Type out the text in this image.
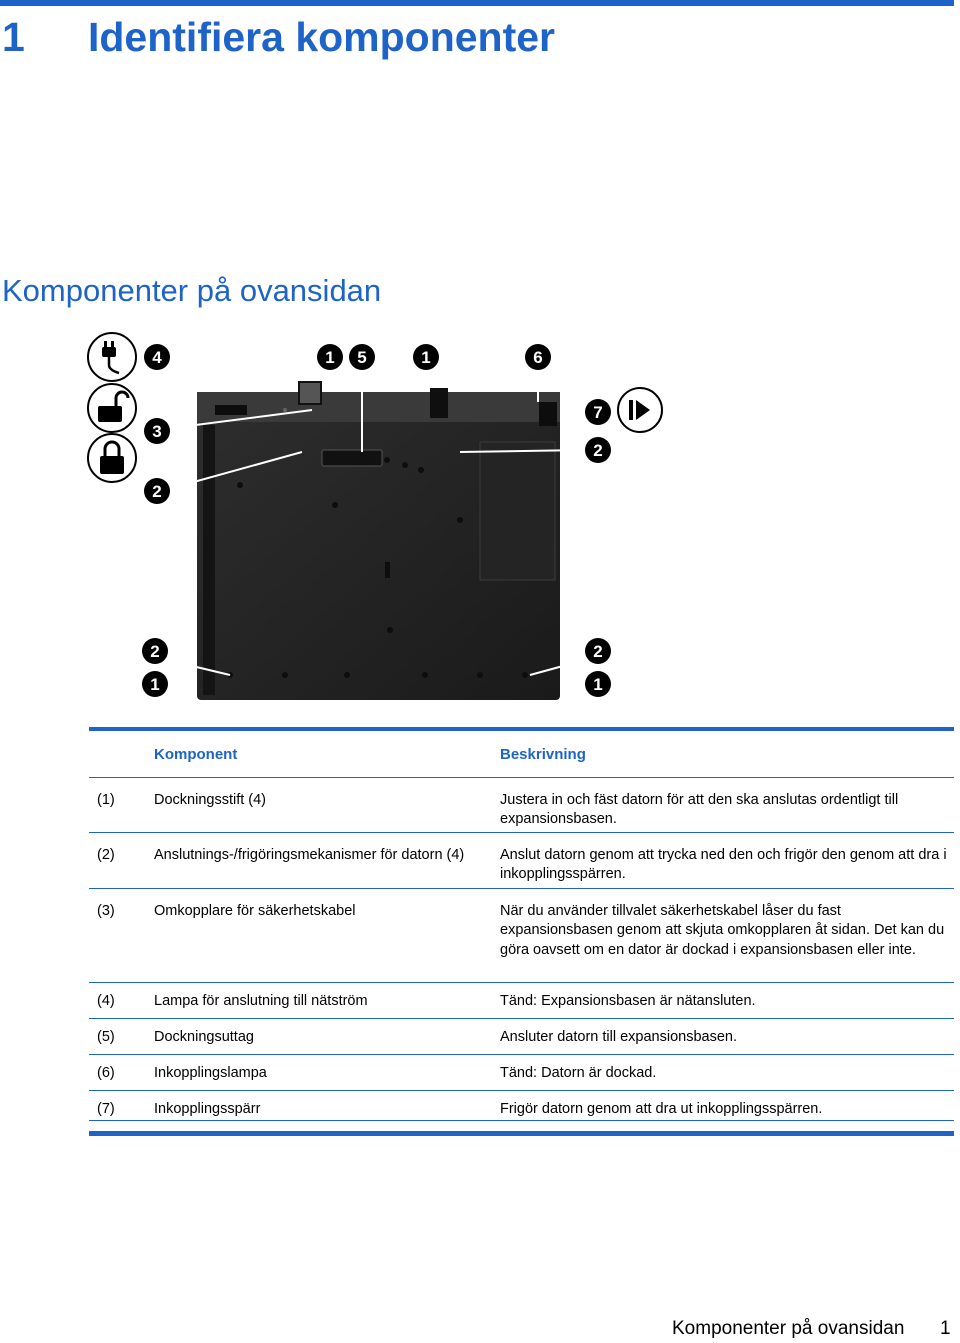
1 Identifiera komponenter
Komponenter på ovansidan
4
3
2
1 5	1	6
7
2
2
1
2
1
Komponent	Beskrivning
(1)	Dockningsstift (4)	Justera in och fäst datorn för att den ska anslutas ordentligt till expansionsbasen.
(2)	Anslutnings-/frigöringsmekanismer för datorn (4)	Anslut datorn genom att trycka ned den och frigör den genom att dra i inkopplingsspärren.
(3)	Omkopplare för säkerhetskabel	När du använder tillvalet säkerhetskabel låser du fast expansionsbasen genom att skjuta omkopplaren åt sidan. Det kan du göra oavsett om en dator är dockad i expansionsbasen eller inte.
(4)	Lampa för anslutning till nätström	Tänd: Expansionsbasen är nätansluten.
(5)	Dockningsuttag	Ansluter datorn till expansionsbasen.
(6)	Inkopplingslampa	Tänd: Datorn är dockad.
(7)	Inkopplingsspärr	Frigör datorn genom att dra ut inkopplingsspärren.
Komponenter på ovansidan 1
